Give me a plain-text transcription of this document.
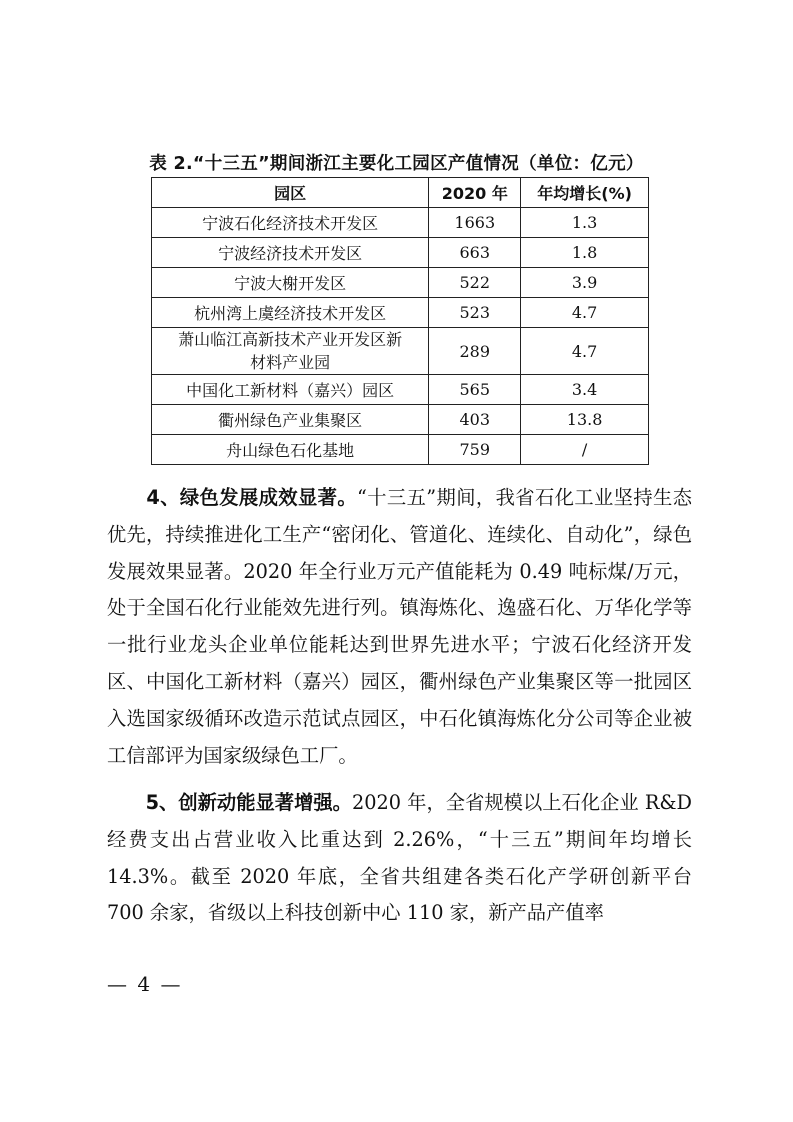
表 2.“十三五”期间浙江主要化工园区产值情况（单位：亿元）
园区	2020 年	年均增长(%)
宁波石化经济技术开发区	1663	1.3
宁波经济技术开发区	663	1.8
宁波大榭开发区	522	3.9
杭州湾上虞经济技术开发区	523	4.7
萧山临江高新技术产业开发区新
材料产业园	289	4.7
中国化工新材料（嘉兴）园区	565	3.4
衢州绿色产业集聚区	403	13.8
舟山绿色石化基地	759	/

　　4、绿色发展成效显著。“十三五”期间，我省石化工业坚持生态优先，持续推进化工生产“密闭化、管道化、连续化、自动化”，绿色发展效果显著。2020 年全行业万元产值能耗为 0.49 吨标煤/万元，处于全国石化行业能效先进行列。镇海炼化、逸盛石化、万华化学等一批行业龙头企业单位能耗达到世界先进水平；宁波石化经济开发区、中国化工新材料（嘉兴）园区，衢州绿色产业集聚区等一批园区入选国家级循环改造示范试点园区，中石化镇海炼化分公司等企业被工信部评为国家级绿色工厂。

　　5、创新动能显著增强。2020 年，全省规模以上石化企业 R&D 经费支出占营业收入比重达到 2.26%，“十三五”期间年均增长 14.3%。截至 2020 年底，全省共组建各类石化产学研创新平台 700 余家，省级以上科技创新中心 110 家，新产品产值率

— 4 —
